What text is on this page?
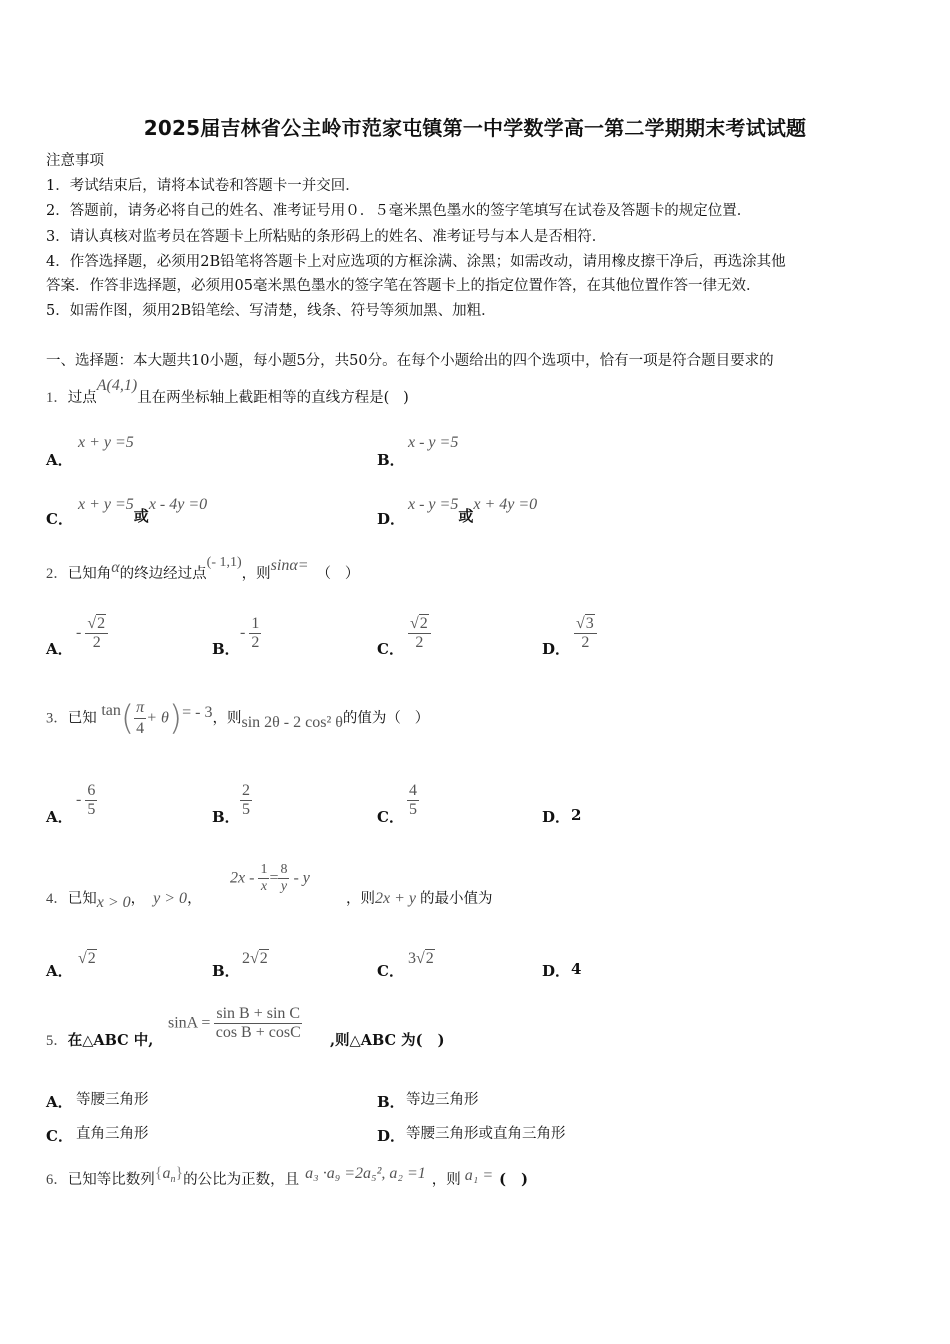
2025届吉林省公主岭市范家屯镇第一中学数学高一第二学期期末考试试题
注意事项
1．考试结束后，请将本试卷和答题卡一并交回．
2．答题前，请务必将自己的姓名、准考证号用０．５毫米黑色墨水的签字笔填写在试卷及答题卡的规定位置．
3．请认真核对监考员在答题卡上所粘贴的条形码上的姓名、准考证号与本人是否相符．
4．作答选择题，必须用2B铅笔将答题卡上对应选项的方框涂满、涂黑；如需改动，请用橡皮擦干净后，再选涂其他
答案．作答非选择题，必须用05毫米黑色墨水的签字笔在答题卡上的指定位置作答，在其他位置作答一律无效．
5．如需作图，须用2B铅笔绘、写清楚，线条、符号等须加黑、加粗．
一、选择题：本大题共10小题，每小题5分，共50分。在每个小题给出的四个选项中，恰有一项是符合题目要求的
1．过点A(4,1)且在两坐标轴上截距相等的直线方程是(   )
A．
x + y =5
B．
x - y =5
C．
x + y =5或x - 4y =0
D．
x - y =5或x + 4y =0
2．已知角α的终边经过点(- 1,1)，则sinα= （   ）
A．
- $\frac{√2}{2}$	B．
- $\frac{1}{2}$	C． $\frac{√2}{2}$	D． $\frac{√3}{2}$
3．已知 $\tan( \frac{\pi}{4} + \theta)= - 3$，则sin 2θ - 2 cos² θ的值为（   ）
A．
- $\frac{6}{5}$	B． $\frac{2}{5}$	C． $\frac{4}{5}$	D． 2
4．已知x > 0， y > 0，
$2x - \frac{1}{x} = \frac{8}{y} - y$
，则2x + y 的最小值为
A．
√2
B．
2√2
C．
3√2
D． 4
5．在△ABC 中,
$\sin A = \frac{\text{sin B + sin C}}{\text{cos B + cosC}}$ ,则△ABC 为(   )
A． 等腰三角形	B． 等边三角形
C． 直角三角形	D． 等腰三角形或直角三角形
6．已知等比数列$\{a_n\}$的公比为正数，且 a₃ ·a₉ =2a₅², a₂ =1 ，则 a₁ = (   )
